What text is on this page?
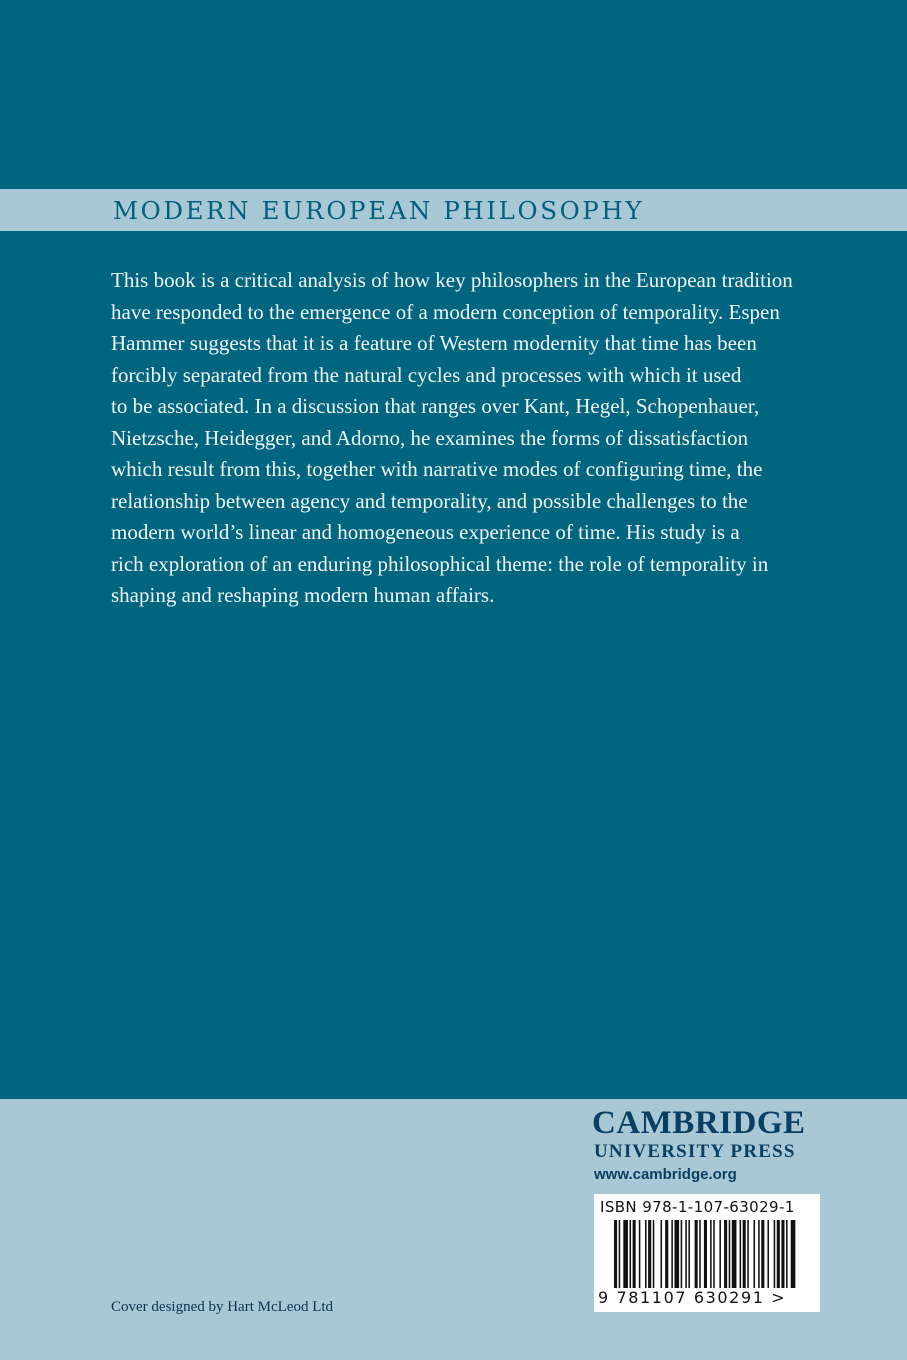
MODERN EUROPEAN PHILOSOPHY
This book is a critical analysis of how key philosophers in the European tradition
have responded to the emergence of a modern conception of temporality. Espen
Hammer suggests that it is a feature of Western modernity that time has been
forcibly separated from the natural cycles and processes with which it used
to be associated. In a discussion that ranges over Kant, Hegel, Schopenhauer,
Nietzsche, Heidegger, and Adorno, he examines the forms of dissatisfaction
which result from this, together with narrative modes of configuring time, the
relationship between agency and temporality, and possible challenges to the
modern world’s linear and homogeneous experience of time. His study is a
rich exploration of an enduring philosophical theme: the role of temporality in
shaping and reshaping modern human affairs.
CAMBRIDGE
UNIVERSITY PRESS
www.cambridge.org
ISBN 978-1-107-63029-1
9 781107 630291 >
Cover designed by Hart McLeod Ltd
